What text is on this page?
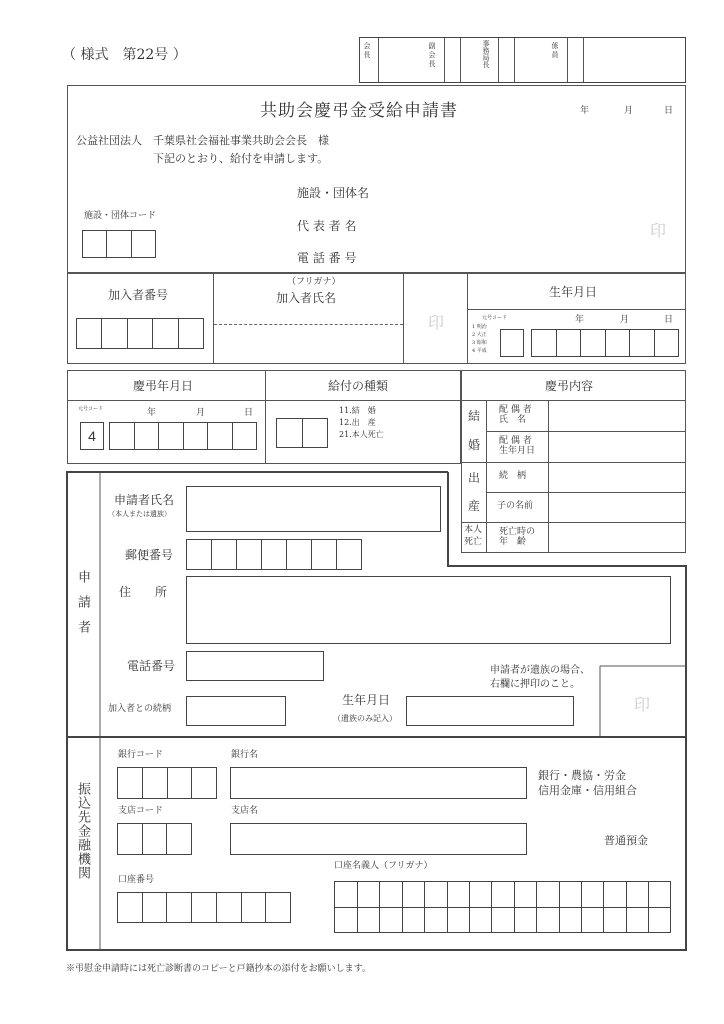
（ 様式　第22号 ）	会長	副会長	事務局長	係員
共助会慶弔金受給申請書	年	月	日
公益社団法人 千葉県社会福祉事業共助会会長　様
下記のとおり、給付を申請します。
施設・団体名
施設・団体コード
代 表 者 名
電 話 番 号
印
加入者番号
（フリガナ）
加入者氏名
印
生年月日
元号コード
1 明治
2 大正
3 昭和
4 平成
年	月	日
慶弔年月日	給付の種類
元号コード
4
年	月	日	11.結　婚
12.出　産
21.本人死亡
慶弔内容
結
婚
配 偶 者
氏　名
配 偶 者
生年月日
出
産
続　柄
子の名前
本人
死亡
死亡時の
年　齢
申請者
申請者氏名
（本人または遺族）
郵便番号
住　　所
電話番号
加入者との続柄
生年月日
（遺族のみ記入）
申請者が遺族の場合、
右欄に押印のこと。
印
振込先金融機関
銀行コード	銀行名
銀行・農協・労金
信用金庫・信用組合
支店コード	支店名
普通預金
口座番号
口座名義人（フリガナ）
※弔慰金申請時には死亡診断書のコピーと戸籍抄本の添付をお願いします。
